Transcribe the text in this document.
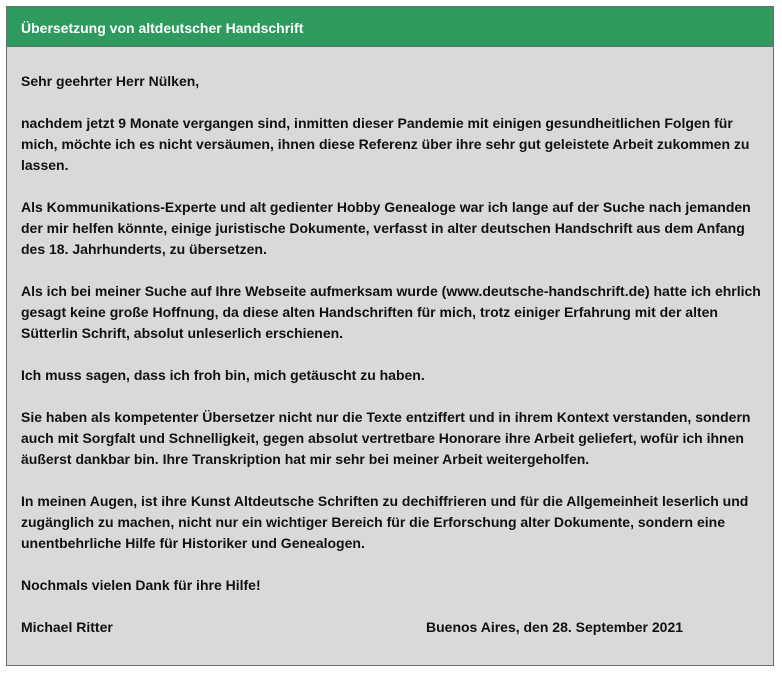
Übersetzung von altdeutscher Handschrift

Sehr geehrter Herr Nülken,

nachdem jetzt 9 Monate vergangen sind, inmitten dieser Pandemie mit einigen gesundheitlichen Folgen für mich, möchte ich es nicht versäumen, ihnen diese Referenz über ihre sehr gut geleistete Arbeit zukommen zu lassen.

Als Kommunikations-Experte und alt gedienter Hobby Genealoge war ich lange auf der Suche nach jemanden der mir helfen könnte, einige juristische Dokumente, verfasst in alter deutschen Handschrift aus dem Anfang des 18. Jahrhunderts, zu übersetzen.

Als ich bei meiner Suche auf Ihre Webseite aufmerksam wurde (www.deutsche-handschrift.de) hatte ich ehrlich gesagt keine große Hoffnung, da diese alten Handschriften für mich, trotz einiger Erfahrung mit der alten Sütterlin Schrift, absolut unleserlich erschienen.

Ich muss sagen, dass ich froh bin, mich getäuscht zu haben.

Sie haben als kompetenter Übersetzer nicht nur die Texte entziffert und in ihrem Kontext verstanden, sondern auch mit Sorgfalt und Schnelligkeit, gegen absolut vertretbare Honorare ihre Arbeit geliefert, wofür ich ihnen äußerst dankbar bin. Ihre Transkription hat mir sehr bei meiner Arbeit weitergeholfen.

In meinen Augen, ist ihre Kunst Altdeutsche Schriften zu dechiffrieren und für die Allgemeinheit leserlich und zugänglich zu machen, nicht nur ein wichtiger Bereich für die Erforschung alter Dokumente, sondern eine unentbehrliche Hilfe für Historiker und Genealogen.

Nochmals vielen Dank für ihre Hilfe!

Michael Ritter	Buenos Aires, den 28. September 2021
